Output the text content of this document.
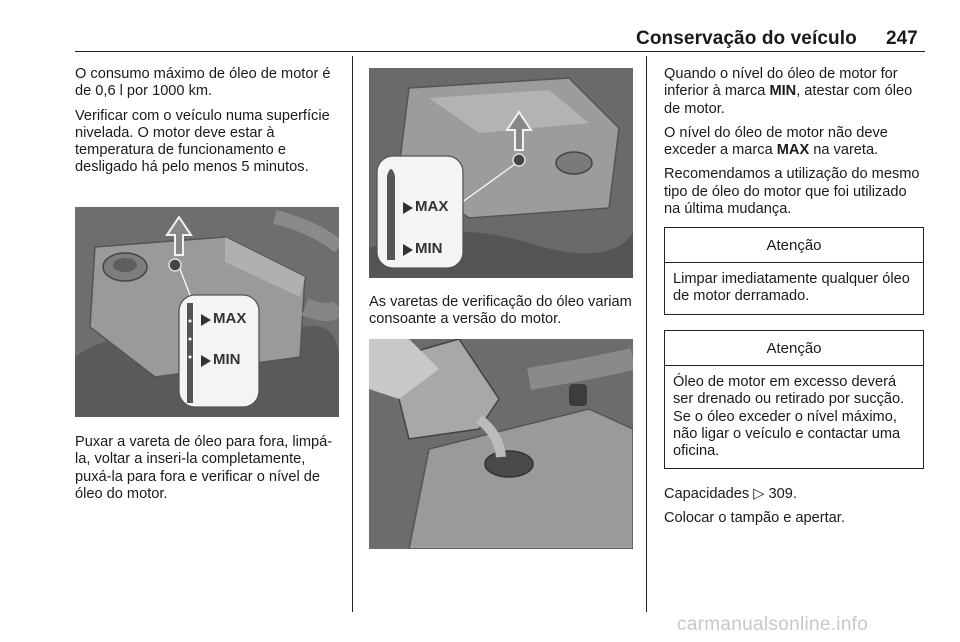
Conservação do veículo 247

O consumo máximo de óleo de motor é de 0,6 l por 1000 km.

Verificar com o veículo numa superfície nivelada. O motor deve estar à temperatura de funcionamento e desligado há pelo menos 5 minutos.

MAX
MIN

Puxar a vareta de óleo para fora, limpá-la, voltar a inseri-la completamente, puxá-la para fora e verificar o nível de óleo do motor.

MAX
MIN

As varetas de verificação do óleo variam consoante a versão do motor.

Quando o nível do óleo de motor for inferior à marca MIN, atestar com óleo de motor.

O nível do óleo de motor não deve exceder a marca MAX na vareta.

Recomendamos a utilização do mesmo tipo de óleo do motor que foi utilizado na última mudança.

Atenção
Limpar imediatamente qualquer óleo de motor derramado.
Atenção
Óleo de motor em excesso deverá ser drenado ou retirado por sucção. Se o óleo exceder o nível máximo, não ligar o veículo e contactar uma oficina.

Capacidades ▷ 309.

Colocar o tampão e apertar.

carmanualsonline.info
